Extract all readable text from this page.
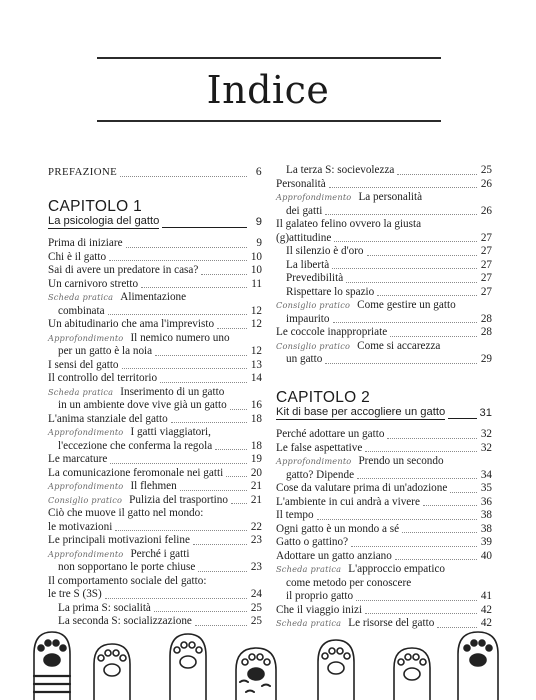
Indice
PREFAZIONE	6
CAPITOLO 1
La psicologia del gatto	9
Prima di iniziare	9
Chi è il gatto	10
Sai di avere un predatore in casa?	10
Un carnivoro stretto	11
Scheda pratica Alimentazione
combinata	12
Un abitudinario che ama l'imprevisto	12
Approfondimento Il nemico numero uno
per un gatto è la noia	12
I sensi del gatto	13
Il controllo del territorio	14
Scheda pratica Inserimento di un gatto
in un ambiente dove vive già un gatto 16
L'anima stanziale del gatto	18
Approfondimento I gatti viaggiatori,
l'eccezione che conferma la regola	18
Le marcature	19
La comunicazione feromonale nei gatti 20
Approfondimento Il flehmen	21
Consiglio pratico Pulizia del trasportino 21
Ciò che muove il gatto nel mondo:
le motivazioni	22
Le principali motivazioni feline	23
Approfondimento Perché i gatti
non sopportano le porte chiuse	23
Il comportamento sociale del gatto:
le tre S (3S)	24
La prima S: socialità	25
La seconda S: socializzazione	25
La terza S: socievolezza	25
Personalità	26
Approfondimento La personalità
dei gatti	26
Il galateo felino ovvero la giusta
(g)attitudine	27
Il silenzio è d'oro	27
La libertà	27
Prevedibilità	27
Rispettare lo spazio	27
Consiglio pratico Come gestire un gatto
impaurito	28
Le coccole inappropriate	28
Consiglio pratico Come si accarezza
un gatto	29
CAPITOLO 2
Kit di base per accogliere un gatto	31
Perché adottare un gatto	32
Le false aspettative	32
Approfondimento Prendo un secondo
gatto? Dipende	34
Cose da valutare prima di un'adozione	35
L'ambiente in cui andrà a vivere	36
Il tempo	38
Ogni gatto è un mondo a sé	38
Gatto o gattino?	39
Adottare un gatto anziano	40
Scheda pratica L'approccio empatico
come metodo per conoscere
il proprio gatto	41
Che il viaggio inizi	42
Scheda pratica Le risorse del gatto	42
